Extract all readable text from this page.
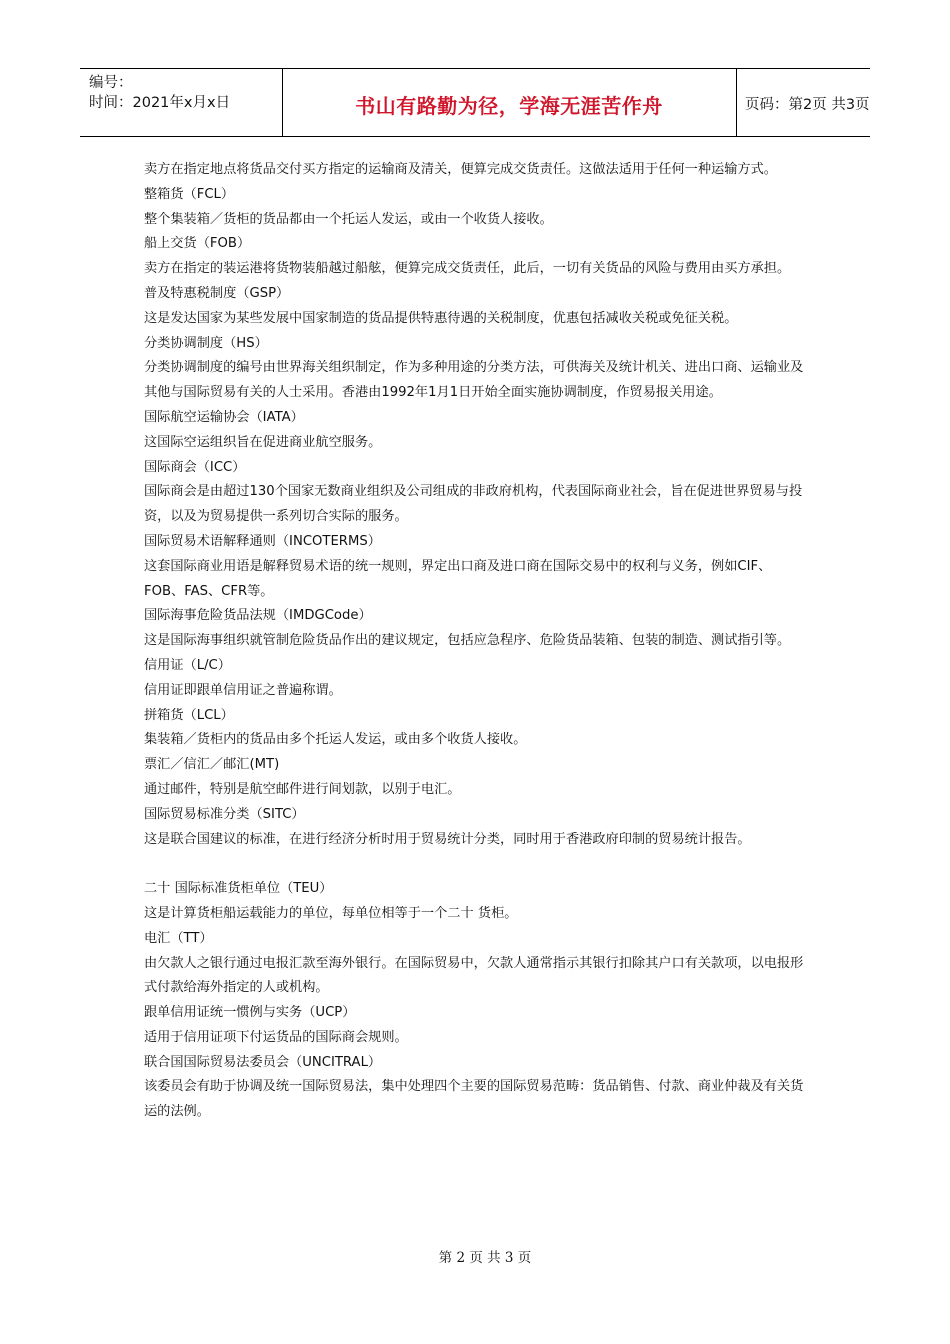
编号：
时间：2021年x月x日	书山有路勤为径，学海无涯苦作舟	页码：第2页 共3页

卖方在指定地点将货品交付买方指定的运输商及清关，便算完成交货责任。这做法适用于任何一种运输方式。

整箱货（FCL）

整个集装箱／货柜的货品都由一个托运人发运，或由一个收货人接收。

船上交货（FOB）

卖方在指定的装运港将货物装船越过船舷，便算完成交货责任，此后，一切有关货品的风险与费用由买方承担。

普及特惠税制度（GSP）

这是发达国家为某些发展中国家制造的货品提供特惠待遇的关税制度，优惠包括减收关税或免征关税。

分类协调制度（HS）

分类协调制度的编号由世界海关组织制定，作为多种用途的分类方法，可供海关及统计机关、进出口商、运输业及其他与国际贸易有关的人士采用。香港由1992年1月1日开始全面实施协调制度，作贸易报关用途。

国际航空运输协会（IATA）

这国际空运组织旨在促进商业航空服务。

国际商会（ICC）

国际商会是由超过130个国家无数商业组织及公司组成的非政府机构，代表国际商业社会，旨在促进世界贸易与投资，以及为贸易提供一系列切合实际的服务。

国际贸易术语解释通则（INCOTERMS）

这套国际商业用语是解释贸易术语的统一规则，界定出口商及进口商在国际交易中的权利与义务，例如CIF、FOB、FAS、CFR等。

国际海事危险货品法规（IMDGCode）

这是国际海事组织就管制危险货品作出的建议规定，包括应急程序、危险货品装箱、包装的制造、测试指引等。

信用证（L/C）

信用证即跟单信用证之普遍称谓。

拼箱货（LCL）

集装箱／货柜内的货品由多个托运人发运，或由多个收货人接收。

票汇／信汇／邮汇(MT)

通过邮件，特别是航空邮件进行间划款，以别于电汇。

国际贸易标准分类（SITC）

这是联合国建议的标准，在进行经济分析时用于贸易统计分类，同时用于香港政府印制的贸易统计报告。

二十 国际标准货柜单位（TEU）

这是计算货柜船运载能力的单位，每单位相等于一个二十 货柜。

电汇（TT）

由欠款人之银行通过电报汇款至海外银行。在国际贸易中，欠款人通常指示其银行扣除其户口有关款项，以电报形式付款给海外指定的人或机构。

跟单信用证统一惯例与实务（UCP）

适用于信用证项下付运货品的国际商会规则。

联合国国际贸易法委员会（UNCITRAL）

该委员会有助于协调及统一国际贸易法，集中处理四个主要的国际贸易范畴：货品销售、付款、商业仲裁及有关货运的法例。

第 2 页 共 3 页
